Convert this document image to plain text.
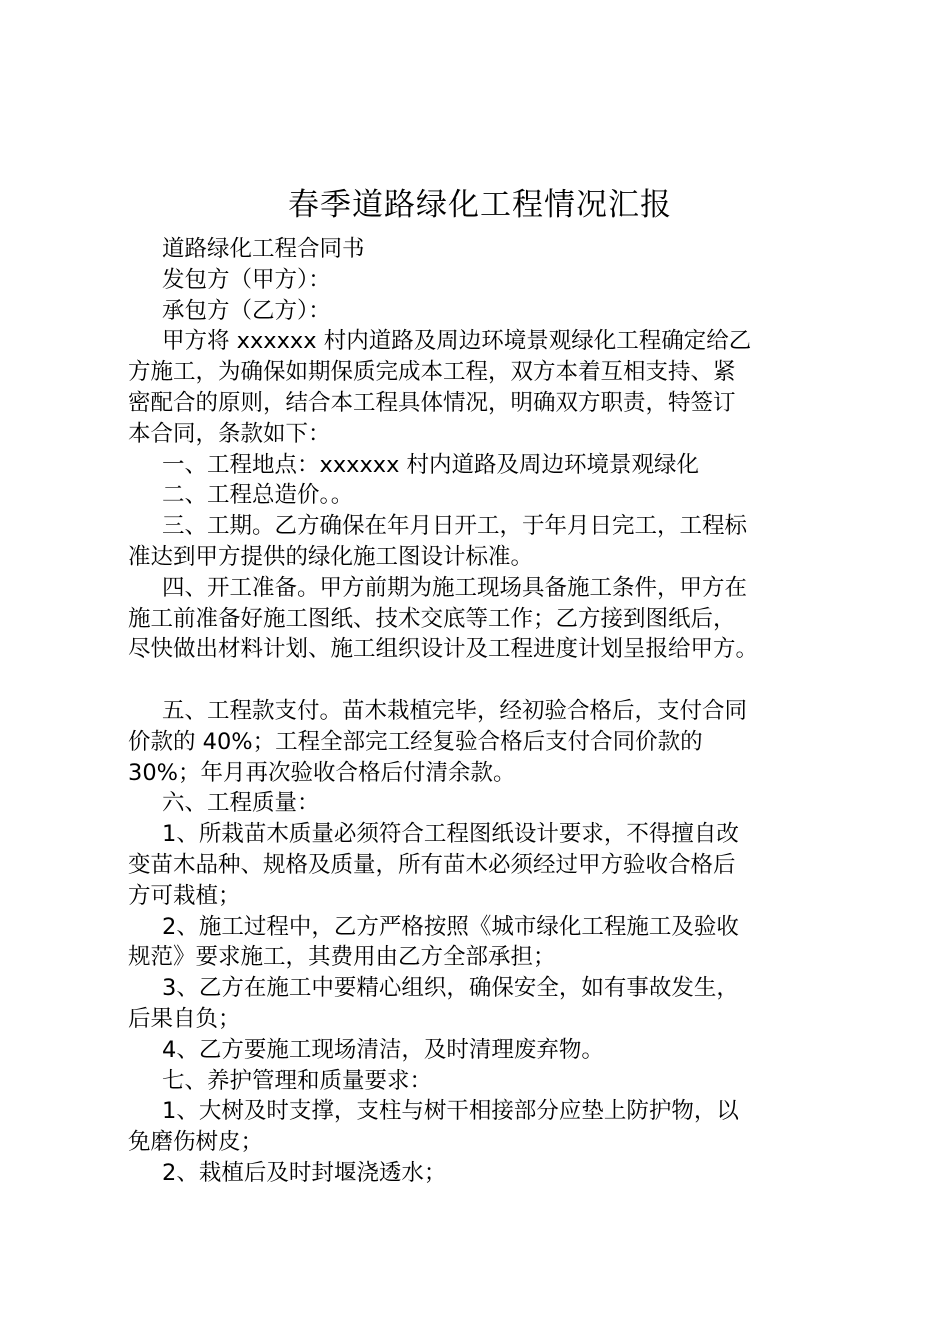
春季道路绿化工程情况汇报
道路绿化工程合同书
发包方（甲方）：
承包方（乙方）：
甲方将 xxxxxx 村内道路及周边环境景观绿化工程确定给乙
方施工，为确保如期保质完成本工程，双方本着互相支持、紧
密配合的原则，结合本工程具体情况，明确双方职责，特签订
本合同，条款如下：
一、工程地点：xxxxxx 村内道路及周边环境景观绿化
二、工程总造价。。
三、工期。乙方确保在年月日开工，于年月日完工，工程标
准达到甲方提供的绿化施工图设计标准。
四、开工准备。甲方前期为施工现场具备施工条件，甲方在
施工前准备好施工图纸、技术交底等工作；乙方接到图纸后，
尽快做出材料计划、施工组织设计及工程进度计划呈报给甲方。
五、工程款支付。苗木栽植完毕，经初验合格后，支付合同
价款的 40%；工程全部完工经复验合格后支付合同价款的
30%；年月再次验收合格后付清余款。
六、工程质量：
1、所栽苗木质量必须符合工程图纸设计要求，不得擅自改
变苗木品种、规格及质量，所有苗木必须经过甲方验收合格后
方可栽植；
2、施工过程中，乙方严格按照《城市绿化工程施工及验收
规范》要求施工，其费用由乙方全部承担；
3、乙方在施工中要精心组织，确保安全，如有事故发生，
后果自负；
4、乙方要施工现场清洁，及时清理废弃物。
七、养护管理和质量要求：
1、大树及时支撑，支柱与树干相接部分应垫上防护物，以
免磨伤树皮；
2、栽植后及时封堰浇透水；
